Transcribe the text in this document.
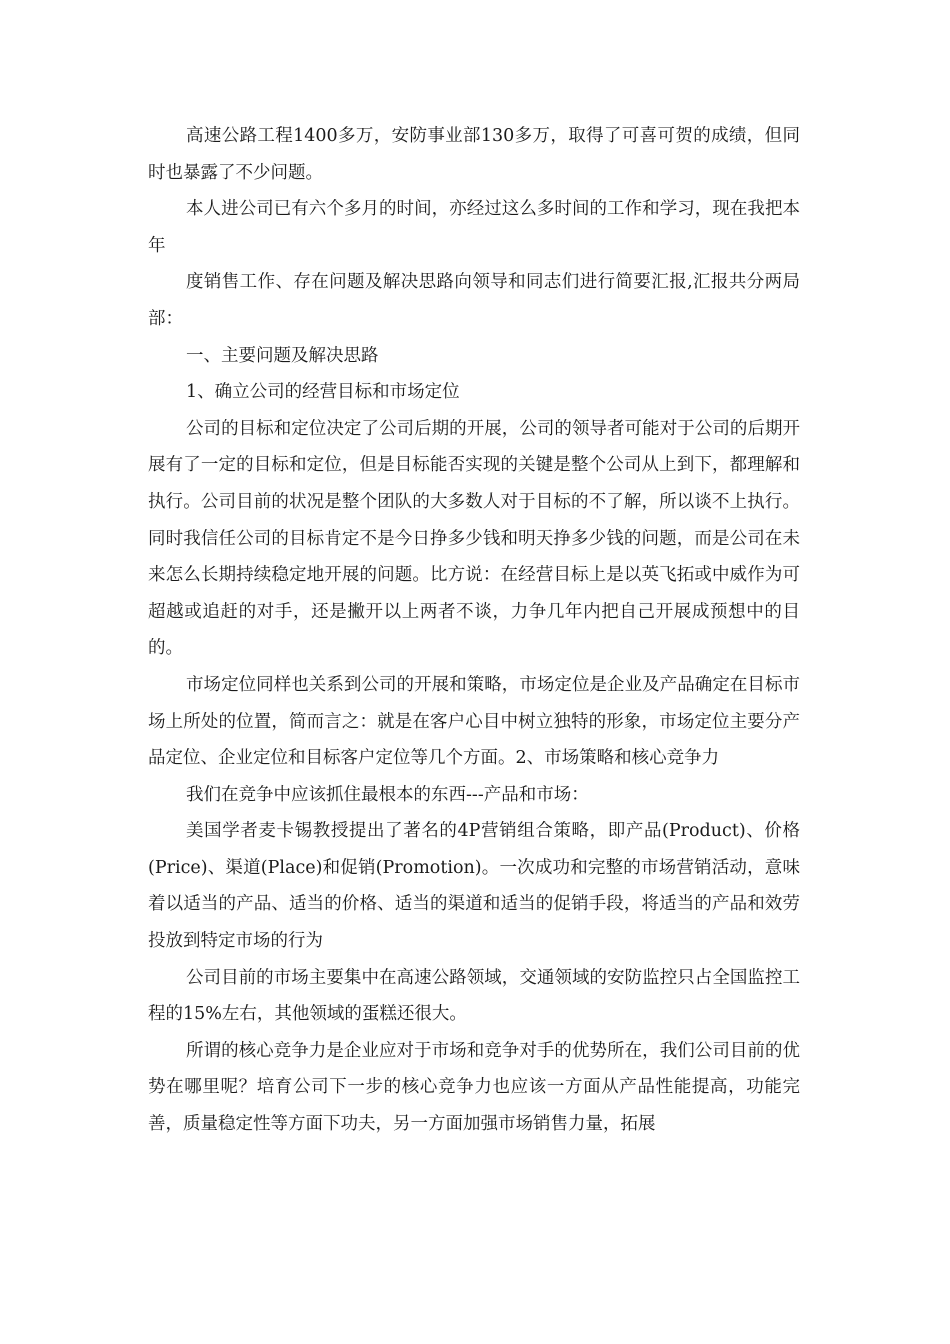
高速公路工程1400多万，安防事业部130多万，取得了可喜可贺的成绩，但同时也暴露了不少问题。

本人进公司已有六个多月的时间，亦经过这么多时间的工作和学习，现在我把本年

度销售工作、存在问题及解决思路向领导和同志们进行简要汇报,汇报共分两局部：

一、主要问题及解决思路

1、确立公司的经营目标和市场定位

公司的目标和定位决定了公司后期的开展，公司的领导者可能对于公司的后期开展有了一定的目标和定位，但是目标能否实现的关键是整个公司从上到下，都理解和执行。公司目前的状况是整个团队的大多数人对于目标的不了解，所以谈不上执行。同时我信任公司的目标肯定不是今日挣多少钱和明天挣多少钱的问题，而是公司在未来怎么长期持续稳定地开展的问题。比方说：在经营目标上是以英飞拓或中威作为可超越或追赶的对手，还是撇开以上两者不谈，力争几年内把自己开展成预想中的目的。

市场定位同样也关系到公司的开展和策略，市场定位是企业及产品确定在目标市场上所处的位置，简而言之：就是在客户心目中树立独特的形象，市场定位主要分产品定位、企业定位和目标客户定位等几个方面。2、市场策略和核心竞争力

我们在竞争中应该抓住最根本的东西---产品和市场：

美国学者麦卡锡教授提出了著名的4P营销组合策略，即产品(Product)、价格(Price)、渠道(Place)和促销(Promotion)。一次成功和完整的市场营销活动，意味着以适当的产品、适当的价格、适当的渠道和适当的促销手段，将适当的产品和效劳投放到特定市场的行为

公司目前的市场主要集中在高速公路领域，交通领域的安防监控只占全国监控工程的15%左右，其他领域的蛋糕还很大。

所谓的核心竞争力是企业应对于市场和竞争对手的优势所在，我们公司目前的优势在哪里呢？培育公司下一步的核心竞争力也应该一方面从产品性能提高，功能完善，质量稳定性等方面下功夫，另一方面加强市场销售力量，拓展
